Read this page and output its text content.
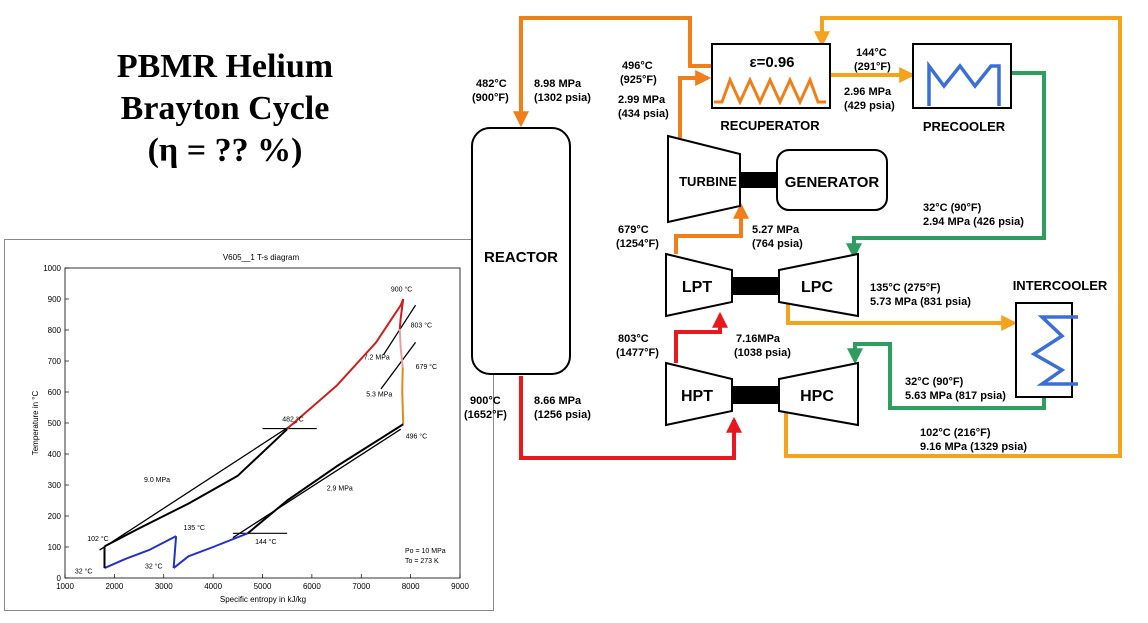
PBMR Helium
Brayton Cycle
(η = ?? %)
V605__1 T-s diagram
1000	2000	3000	4000	5000	6000	7000	8000	9000
0
100
200
300
400
500
600
700
800
900
1000
9.0 MPa
2.9 MPa
7.2 MPa
5.3 MPa
900 °C
803 °C
679 °C
482 °C
496 °C
102 °C
135 °C
144 °C
32 °C
32 °C
Specific entropy in kJ/kg
Temperature in °C
Po = 10 MPa
To = 273 K
REACTOR
ε=0.96
RECUPERATOR	PRECOOLER
TURBINE	GENERATOR
LPT	LPC
HPT	HPC
INTERCOOLER
482°C
(900°F)
8.98 MPa
(1302 psia)
496°C
(925°F)
2.99 MPa
(434 psia)
144°C
(291°F)
2.96 MPa
(429 psia)
679°C
(1254°F)
5.27 MPa
(764 psia)
32°C (90°F)
2.94 MPa (426 psia)
135°C (275°F)
5.73 MPa (831 psia)
803°C
(1477°F)
7.16MPa
(1038 psia)
32°C (90°F)
5.63 MPa (817 psia)
900°C
(1652°F)
8.66 MPa
(1256 psia)
102°C (216°F)
9.16 MPa (1329 psia)
